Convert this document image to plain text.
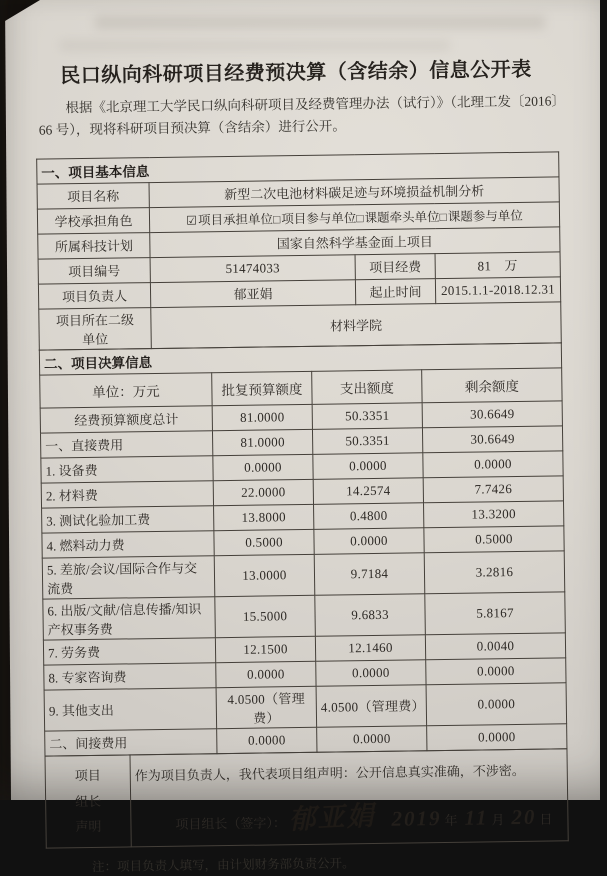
民口纵向科研项目经费预决算（含结余）信息公开表

根据《北京理工大学民口纵向科研项目及经费管理办法（试行）》（北理工发〔2016〕66 号），现将科研项目预决算（含结余）进行公开。

一、项目基本信息			
项目名称	新型二次电池材料碳足迹与环境损益机制分析		
学校承担角色	☑项目承担单位□项目参与单位□课题牵头单位□课题参与单位		
所属科技计划	国家自然科学基金面上项目		
项目编号	51474033	项目经费	81　万
项目负责人	郁亚娟	起止时间	2015.1.1-2018.12.31

项目所在二级
单位	材料学院		
二、项目决算信息			
单位：万元	批复预算额度	支出额度	剩余额度
经费预算额度总计	81.0000	50.3351	30.6649
一、直接费用	81.0000	50.3351	30.6649
1. 设备费	0.0000	0.0000	0.0000
2. 材料费	22.0000	14.2574	7.7426
3. 测试化验加工费	13.8000	0.4800	13.3200
4. 燃料动力费	0.5000	0.0000	0.5000
5. 差旅/会议/国际合作与交流费	13.0000	9.7184	3.2816
6. 出版/文献/信息传播/知识产权事务费	15.5000	9.6833	5.8167
7. 劳务费	12.1500	12.1460	0.0040
8. 专家咨询费	0.0000	0.0000	0.0000
9. 其他支出	4.0500（管理费）	4.0500（管理费）	0.0000
二、间接费用	0.0000	0.0000	0.0000
项目
组长
声明

作为项目负责人，我代表项目组声明：公开信息真实准确，不涉密。
项目组长（签字）： 郁亚娟 2019 年 11 月 20 日

注：项目负责人填写，由计划财务部负责公开。
